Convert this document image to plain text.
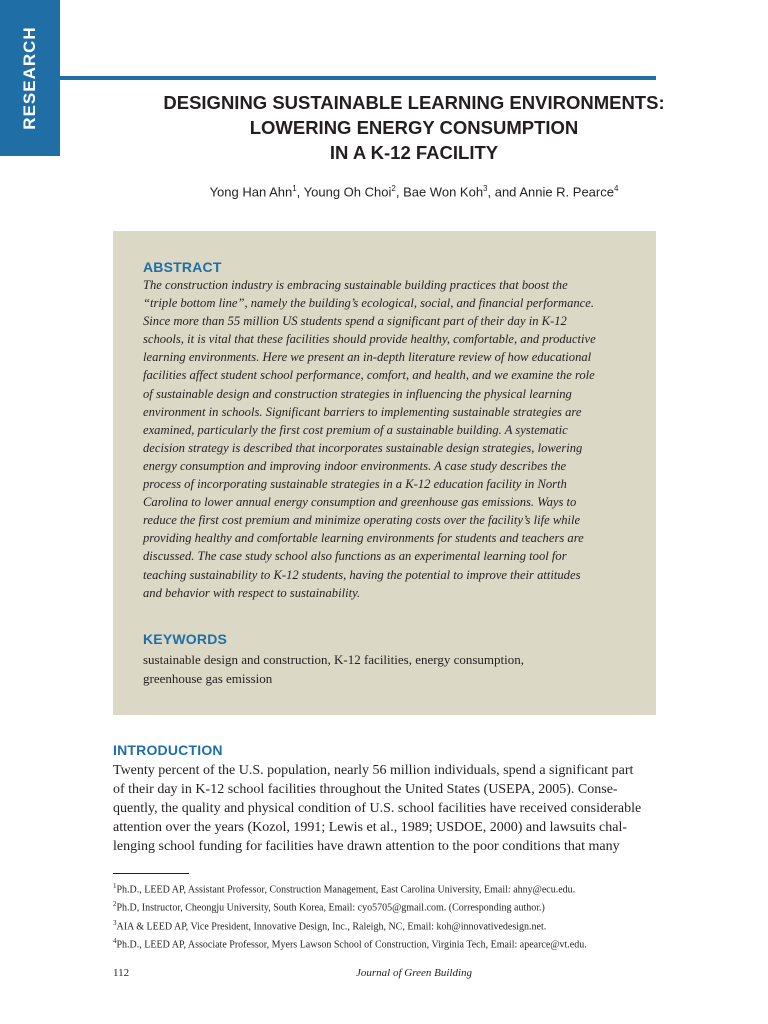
RESEARCH	DESIGNING SUSTAINABLE LEARNING ENVIRONMENTS:
LOWERING ENERGY CONSUMPTION
IN A K-12 FACILITY
Yong Han Ahn$^1$, Young Oh Choi$^2$, Bae Won Koh$^3$, and Annie R. Pearce$^4$
ABSTRACT
The construction industry is embracing sustainable building practices that boost the
“triple bottom line”, namely the building’s ecological, social, and financial performance.
Since more than 55 million US students spend a significant part of their day in K-12
schools, it is vital that these facilities should provide healthy, comfortable, and productive
learning environments. Here we present an in-depth literature review of how educational
facilities affect student school performance, comfort, and health, and we examine the role
of sustainable design and construction strategies in influencing the physical learning
environment in schools. Significant barriers to implementing sustainable strategies are
examined, particularly the first cost premium of a sustainable building. A systematic
decision strategy is described that incorporates sustainable design strategies, lowering
energy consumption and improving indoor environments. A case study describes the
process of incorporating sustainable strategies in a K-12 education facility in North
Carolina to lower annual energy consumption and greenhouse gas emissions. Ways to
reduce the first cost premium and minimize operating costs over the facility’s life while
providing healthy and comfortable learning environments for students and teachers are
discussed. The case study school also functions as an experimental learning tool for
teaching sustainability to K-12 students, having the potential to improve their attitudes
and behavior with respect to sustainability.
KEYWORDS
sustainable design and construction, K-12 facilities, energy consumption,
greenhouse gas emission
INTRODUCTION
Twenty percent of the U.S. population, nearly 56 million individuals, spend a significant part
of their day in K-12 school facilities throughout the United States (USEPA, 2005). Conse-
quently, the quality and physical condition of U.S. school facilities have received considerable
attention over the years (Kozol, 1991; Lewis et al., 1989; USDOE, 2000) and lawsuits chal-
lenging school funding for facilities have drawn attention to the poor conditions that many
$^1$Ph.D., LEED AP, Assistant Professor, Construction Management, East Carolina University, Email: ahny@ecu.edu.
$^2$Ph.D, Instructor, Cheongju University, South Korea, Email: cyo5705@gmail.com. (Corresponding author.)
$^3$AIA & LEED AP, Vice President, Innovative Design, Inc., Raleigh, NC, Email: koh@innovativedesign.net.
$^4$Ph.D., LEED AP, Associate Professor, Myers Lawson School of Construction, Virginia Tech, Email: apearce@vt.edu.
112	Journal of Green Building
